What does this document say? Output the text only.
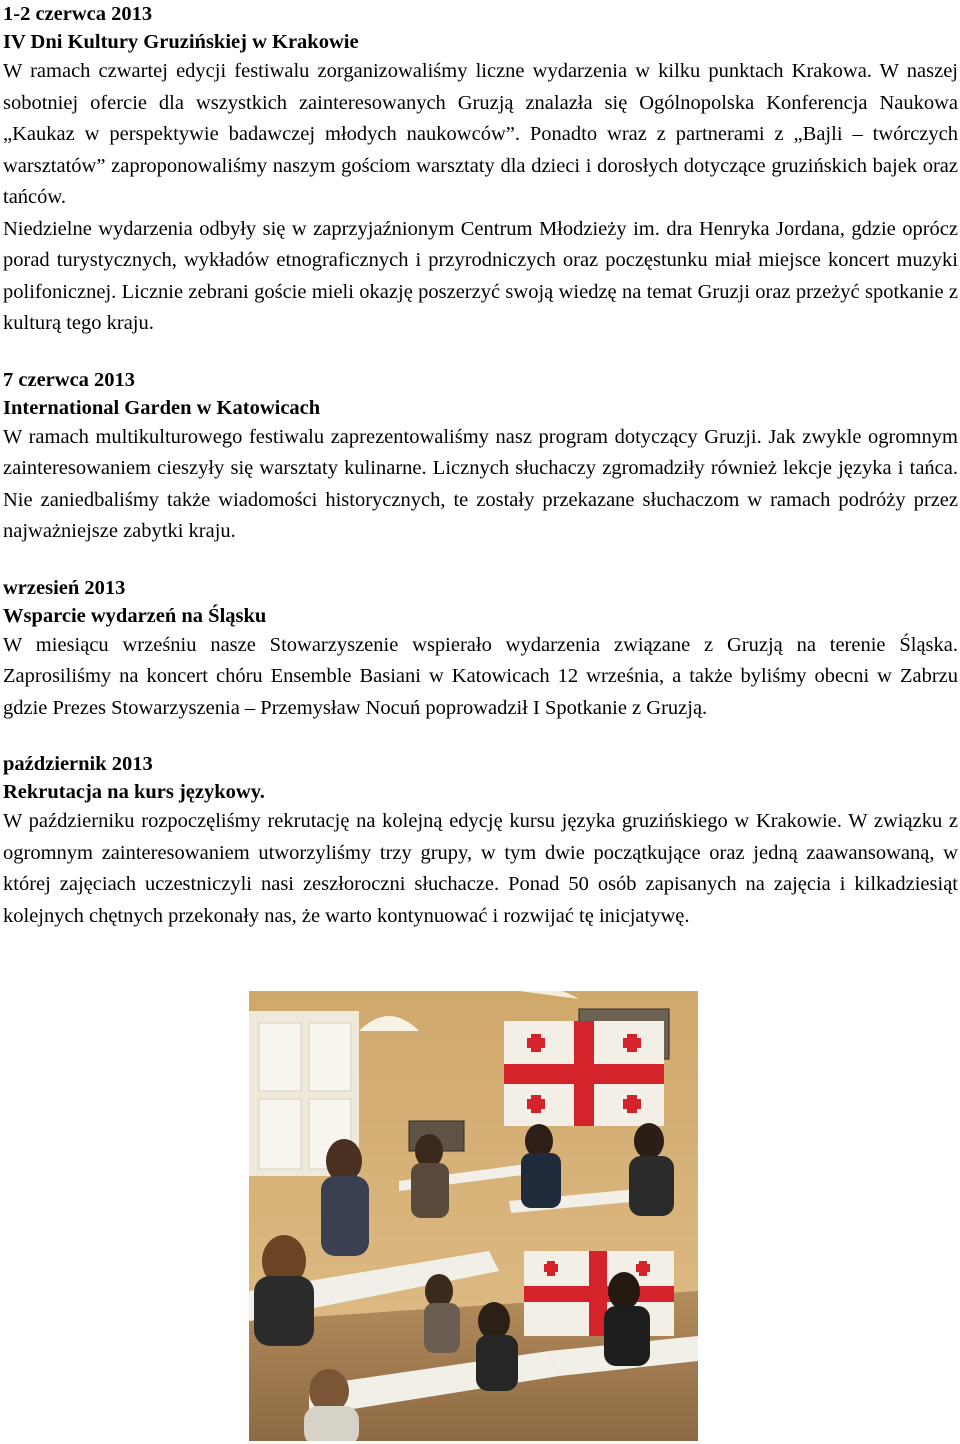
1-2 czerwca 2013

IV Dni Kultury Gruzińskiej w Krakowie

W ramach czwartej edycji festiwalu zorganizowaliśmy liczne wydarzenia w kilku punktach Krakowa. W naszej sobotniej ofercie dla wszystkich zainteresowanych Gruzją znalazła się Ogólnopolska Konferencja Naukowa „Kaukaz w perspektywie badawczej młodych naukowców”. Ponadto wraz z partnerami z „Bajli – twórczych warsztatów” zaproponowaliśmy naszym gościom warsztaty dla dzieci i dorosłych dotyczące gruzińskich bajek oraz tańców.

Niedzielne wydarzenia odbyły się w zaprzyjaźnionym Centrum Młodzieży im. dra Henryka Jordana, gdzie oprócz porad turystycznych, wykładów etnograficznych i przyrodniczych oraz poczęstunku miał miejsce koncert muzyki polifonicznej. Licznie zebrani goście mieli okazję poszerzyć swoją wiedzę na temat Gruzji oraz przeżyć spotkanie z kulturą tego kraju.

7 czerwca 2013

International Garden w Katowicach

W ramach multikulturowego festiwalu zaprezentowaliśmy nasz program dotyczący Gruzji. Jak zwykle ogromnym zainteresowaniem cieszyły się warsztaty kulinarne. Licznych słuchaczy zgromadziły również lekcje języka i tańca. Nie zaniedbaliśmy także wiadomości historycznych, te zostały przekazane słuchaczom w ramach podróży przez najważniejsze zabytki kraju.

wrzesień 2013

Wsparcie wydarzeń na Śląsku

W miesiącu wrześniu nasze Stowarzyszenie wspierało wydarzenia związane z Gruzją na terenie Śląska. Zaprosiliśmy na koncert chóru Ensemble Basiani w Katowicach 12 września, a także byliśmy obecni w Zabrzu gdzie Prezes Stowarzyszenia – Przemysław Nocuń poprowadził I Spotkanie z Gruzją.

październik 2013

Rekrutacja na kurs językowy.

W październiku rozpoczęliśmy rekrutację na kolejną edycję kursu języka gruzińskiego w Krakowie. W związku z ogromnym zainteresowaniem utworzyliśmy trzy grupy, w tym dwie początkujące oraz jedną zaawansowaną, w której zajęciach uczestniczyli nasi zeszłoroczni słuchacze. Ponad 50 osób zapisanych na zajęcia i kilkadziesiąt kolejnych chętnych przekonały nas, że warto kontynuować i rozwijać tę inicjatywę.
